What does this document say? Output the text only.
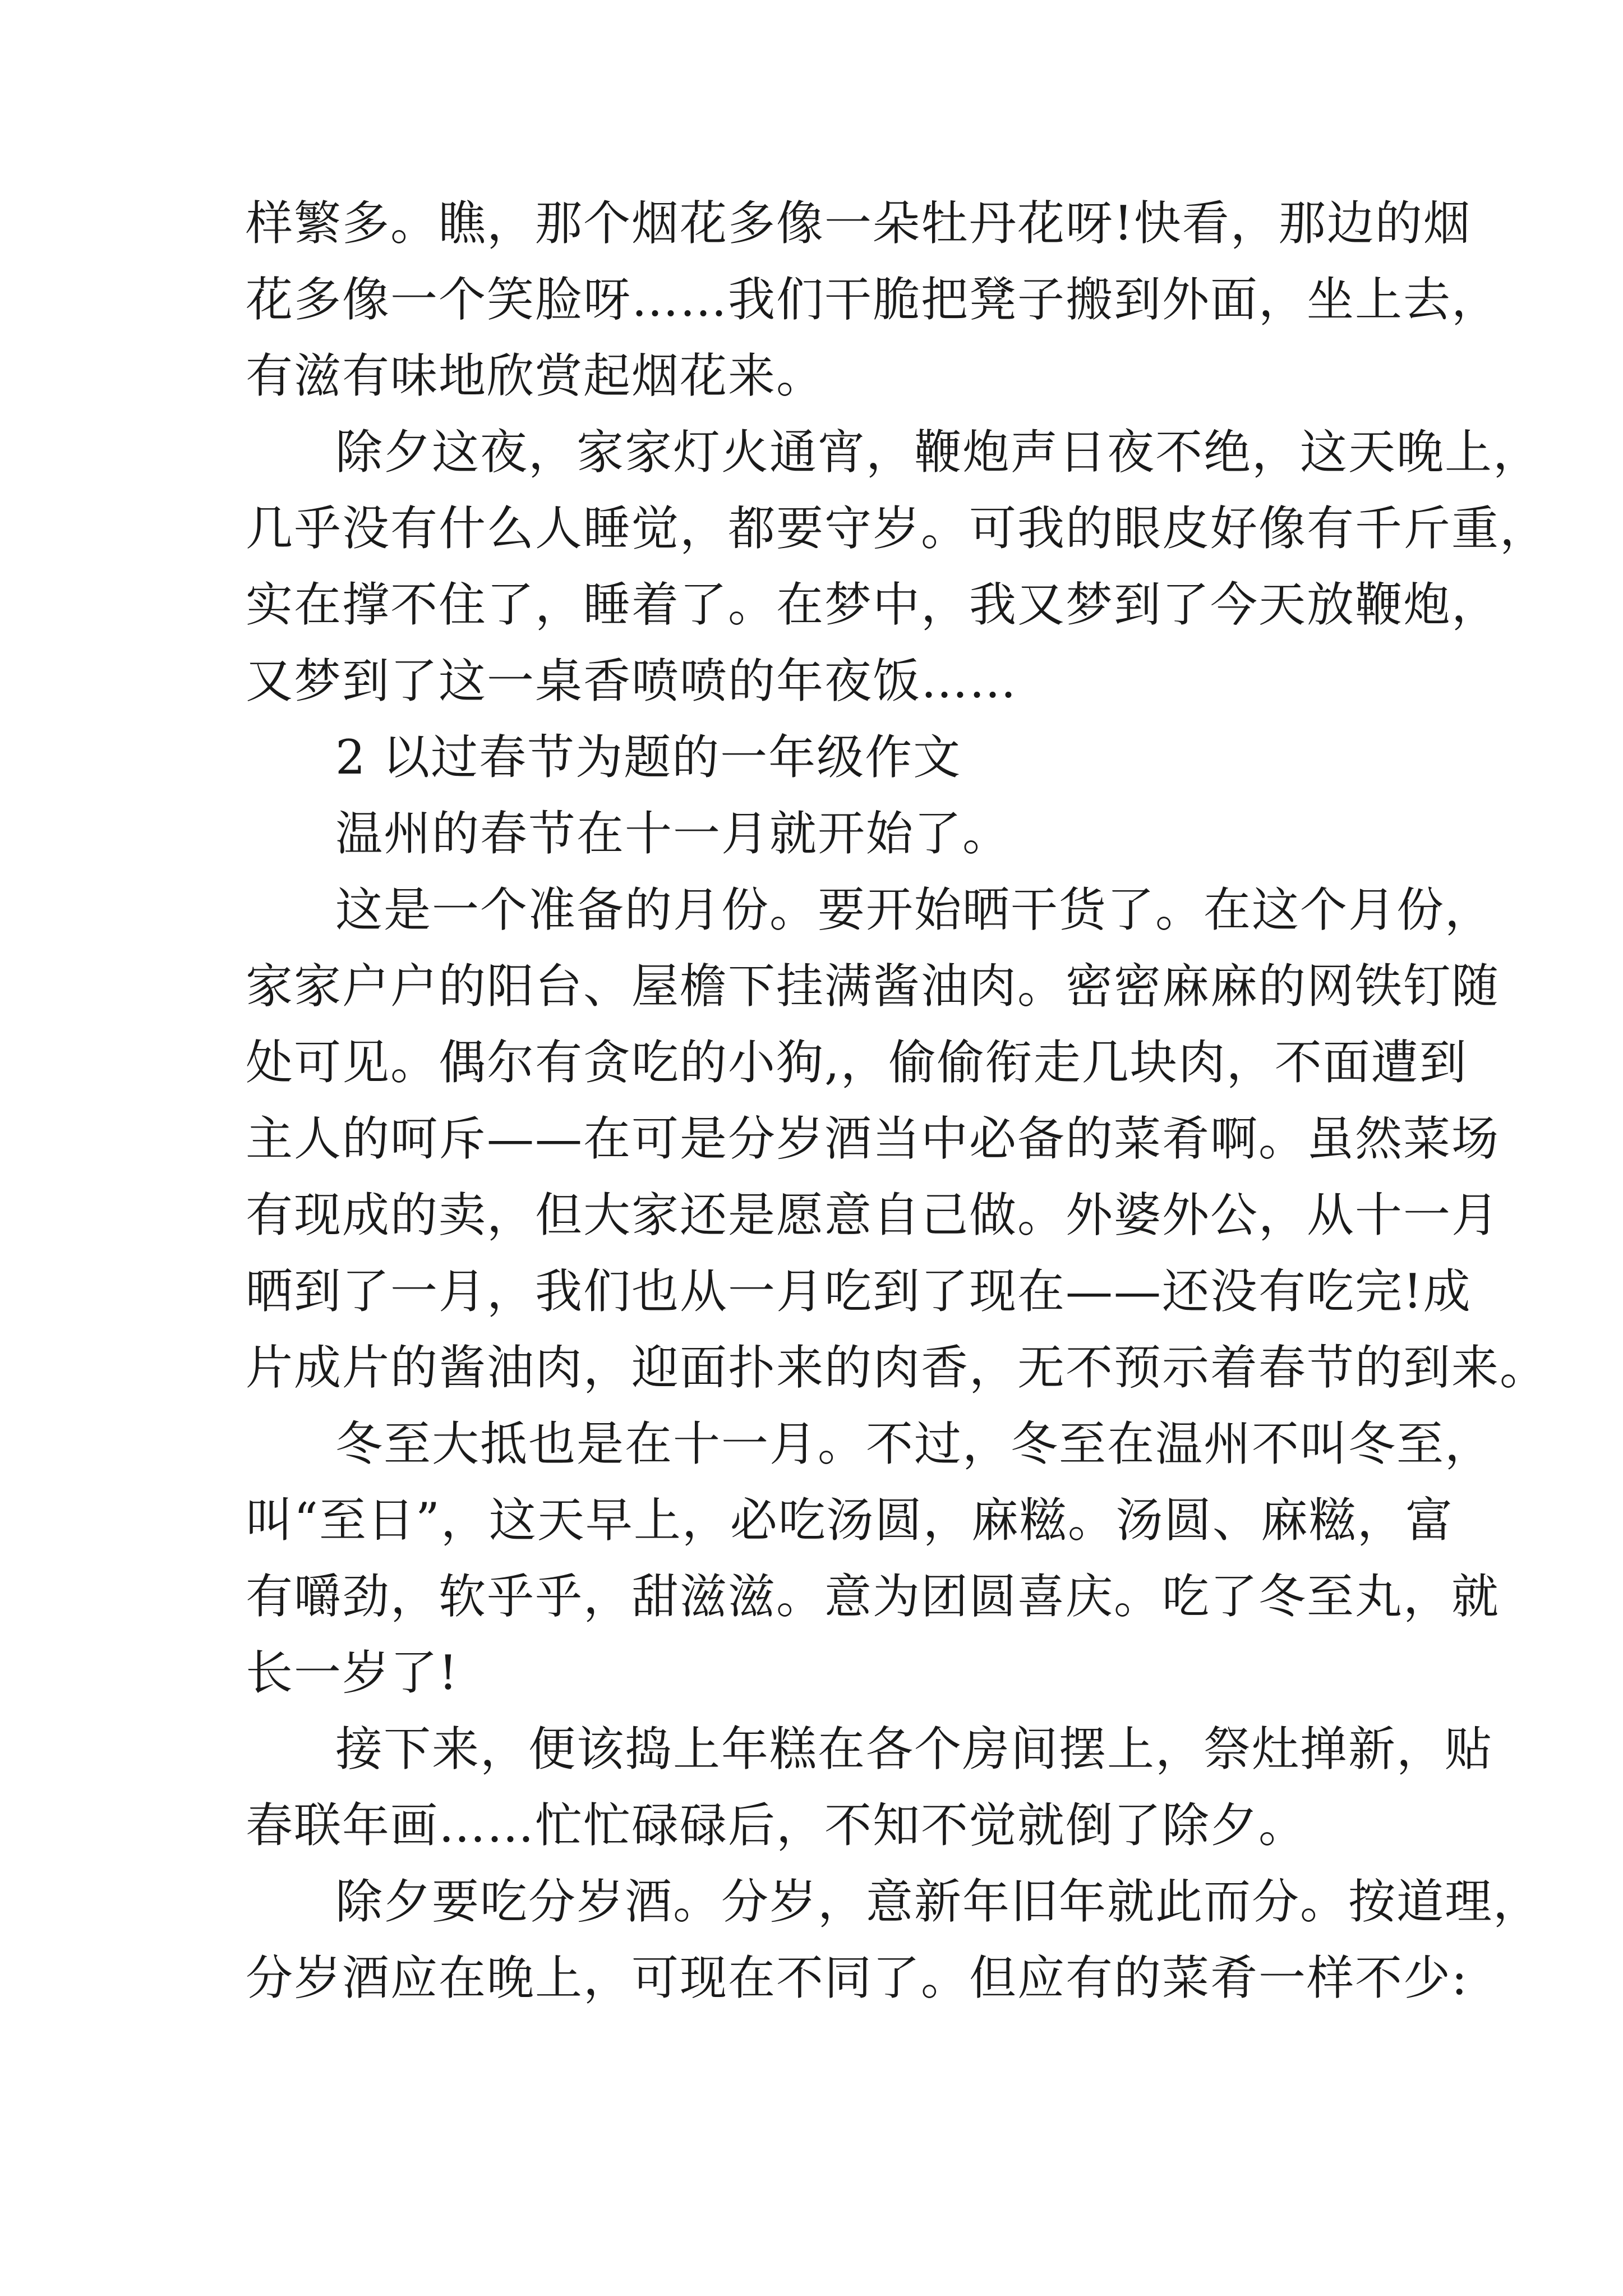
样繁多。瞧，那个烟花多像一朵牡丹花呀!快看，那边的烟
花多像一个笑脸呀……我们干脆把凳子搬到外面，坐上去，
有滋有味地欣赏起烟花来。
除夕这夜，家家灯火通宵，鞭炮声日夜不绝，这天晚上，
几乎没有什么人睡觉，都要守岁。可我的眼皮好像有千斤重，
实在撑不住了，睡着了。在梦中，我又梦到了今天放鞭炮，
又梦到了这一桌香喷喷的年夜饭……
2 以过春节为题的一年级作文
温州的春节在十一月就开始了。
这是一个准备的月份。要开始晒干货了。在这个月份，
家家户户的阳台、屋檐下挂满酱油肉。密密麻麻的网铁钉随
处可见。偶尔有贪吃的小狗,，偷偷衔走几块肉，不面遭到
主人的呵斥——在可是分岁酒当中必备的菜肴啊。虽然菜场
有现成的卖，但大家还是愿意自己做。外婆外公，从十一月
晒到了一月，我们也从一月吃到了现在——还没有吃完!成
片成片的酱油肉，迎面扑来的肉香，无不预示着春节的到来。
冬至大抵也是在十一月。不过，冬至在温州不叫冬至，
叫“至日”，这天早上，必吃汤圆，麻糍。汤圆、麻糍，富
有嚼劲，软乎乎，甜滋滋。意为团圆喜庆。吃了冬至丸，就
长一岁了!
接下来，便该捣上年糕在各个房间摆上，祭灶掸新，贴
春联年画……忙忙碌碌后，不知不觉就倒了除夕。
除夕要吃分岁酒。分岁，意新年旧年就此而分。按道理，
分岁酒应在晚上，可现在不同了。但应有的菜肴一样不少:
